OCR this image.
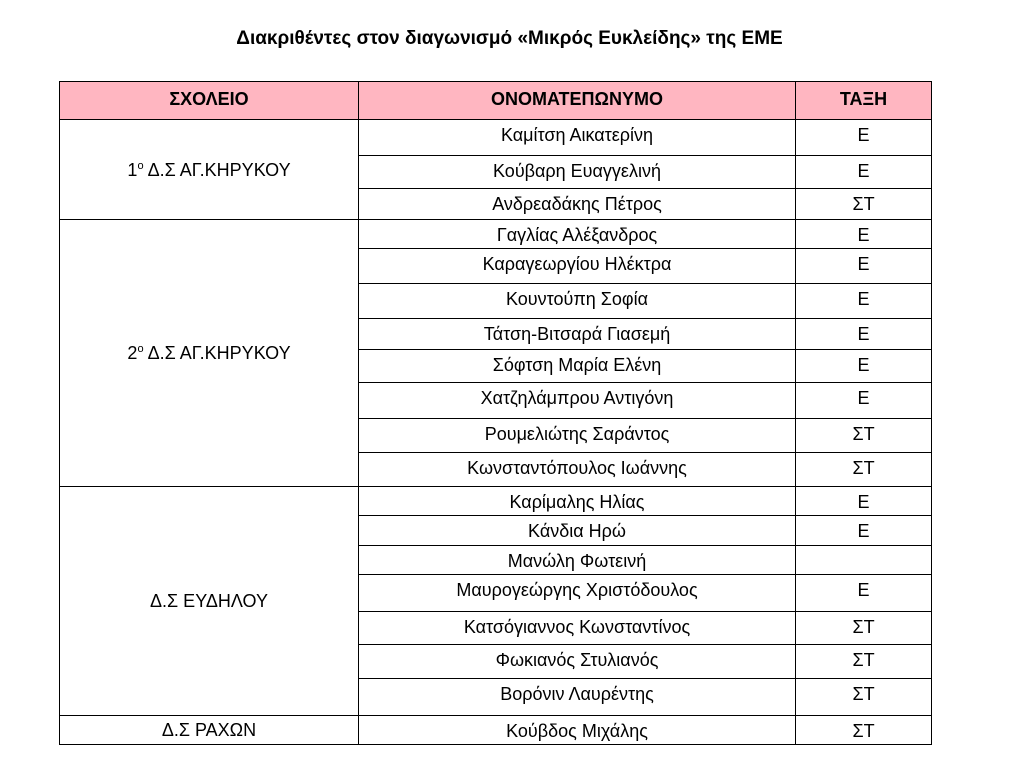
Διακριθέντες στον διαγωνισμό «Μικρός Ευκλείδης» της ΕΜΕ
ΣΧΟΛΕΙΟ	ΟΝΟΜΑΤΕΠΩΝΥΜΟ	ΤΑΞΗ
$1^o$ Δ.Σ ΑΓ.ΚΗΡΥΚΟΥ	Καμίτση Αικατερίνη	Ε
	Κούβαρη Ευαγγελινή	Ε
	Ανδρεαδάκης Πέτρος	ΣΤ
$2^o$ Δ.Σ ΑΓ.ΚΗΡΥΚΟΥ	Γαγλίας Αλέξανδρος	Ε
	Καραγεωργίου Ηλέκτρα	Ε
	Κουντούπη Σοφία	Ε
	Τάτση-Βιτσαρά Γιασεμή	Ε
	Σόφτση Μαρία Ελένη	Ε
	Χατζηλάμπρου Αντιγόνη	Ε
	Ρουμελιώτης Σαράντος	ΣΤ
	Κωνσταντόπουλος Ιωάννης	ΣΤ
Δ.Σ ΕΥΔΗΛΟΥ	Καρίμαλης Ηλίας	Ε
	Κάνδια Ηρώ	Ε
	Μανώλη Φωτεινή	
	Μαυρογεώργης Χριστόδουλος	Ε
	Κατσόγιαννος Κωνσταντίνος	ΣΤ
	Φωκιανός Στυλιανός	ΣΤ
	Βορόνιν Λαυρέντης	ΣΤ
Δ.Σ ΡΑΧΩΝ	Κούβδος Μιχάλης	ΣΤ
